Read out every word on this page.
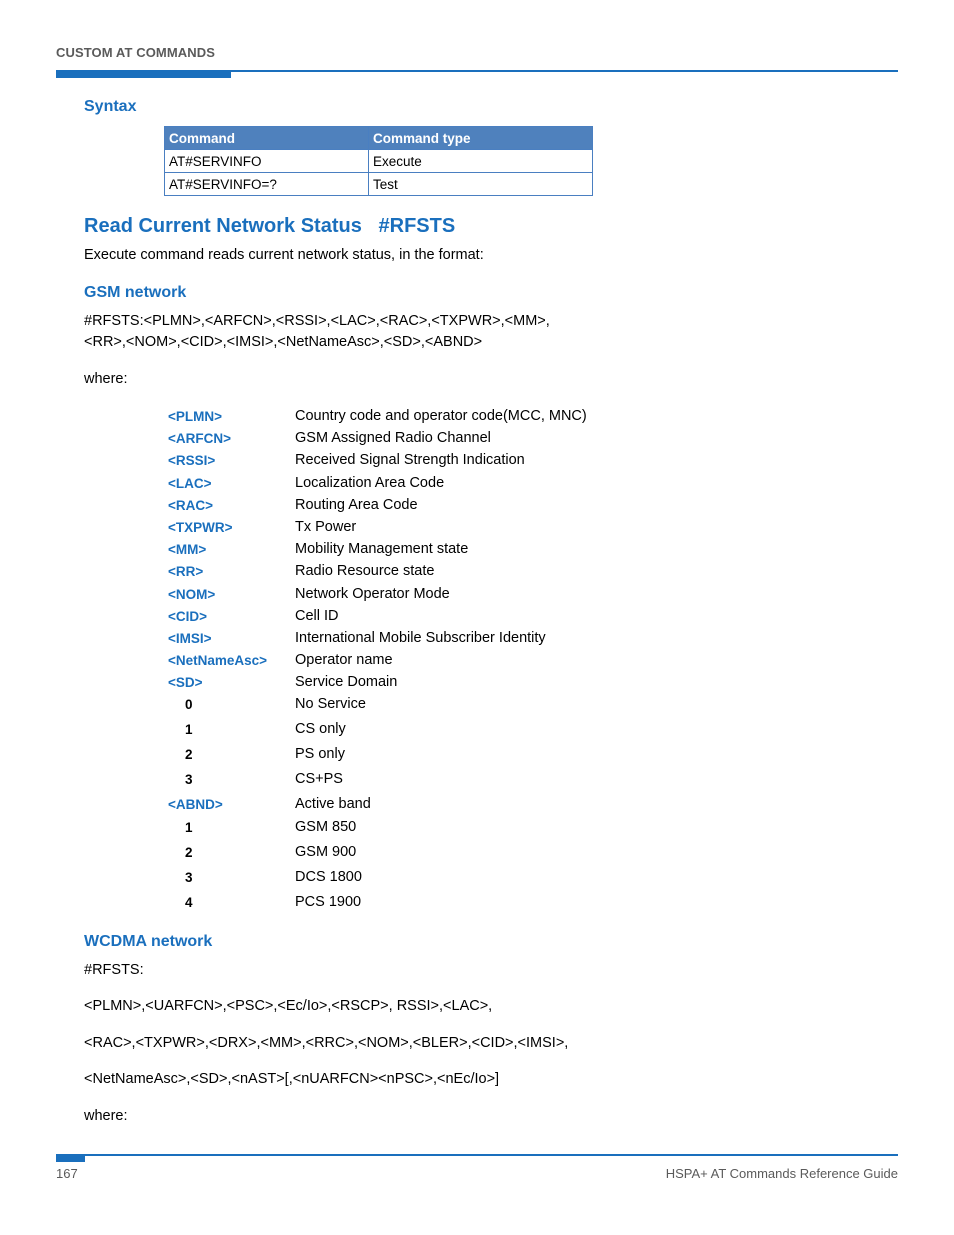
CUSTOM AT COMMANDS
Syntax
Command	Command type
AT#SERVINFO	Execute
AT#SERVINFO=?	Test
Read Current Network Status   #RFSTS
Execute command reads current network status, in the format:
GSM network
#RFSTS:<PLMN>,<ARFCN>,<RSSI>,<LAC>,<RAC>,<TXPWR>,<MM>,
<RR>,<NOM>,<CID>,<IMSI>,<NetNameAsc>,<SD>,<ABND>
where:
<PLMN>	Country code and operator code(MCC, MNC)
<ARFCN>	GSM Assigned Radio Channel
<RSSI>	Received Signal Strength Indication
<LAC>	Localization Area Code
<RAC>	Routing Area Code
<TXPWR>	Tx Power
<MM>	Mobility Management state
<RR>	Radio Resource state
<NOM>	Network Operator Mode
<CID>	Cell ID
<IMSI>	International Mobile Subscriber Identity
<NetNameAsc> Operator name
<SD>	Service Domain
0	No Service
1	CS only
2	PS only
3	CS+PS
<ABND>	Active band
1	GSM 850
2	GSM 900
3	DCS 1800
4	PCS 1900
WCDMA network
#RFSTS:
<PLMN>,<UARFCN>,<PSC>,<Ec/Io>,<RSCP>, RSSI>,<LAC>,
<RAC>,<TXPWR>,<DRX>,<MM>,<RRC>,<NOM>,<BLER>,<CID>,<IMSI>,
<NetNameAsc>,<SD>,<nAST>[,<nUARFCN><nPSC>,<nEc/Io>]
where:
167	HSPA+ AT Commands Reference Guide
